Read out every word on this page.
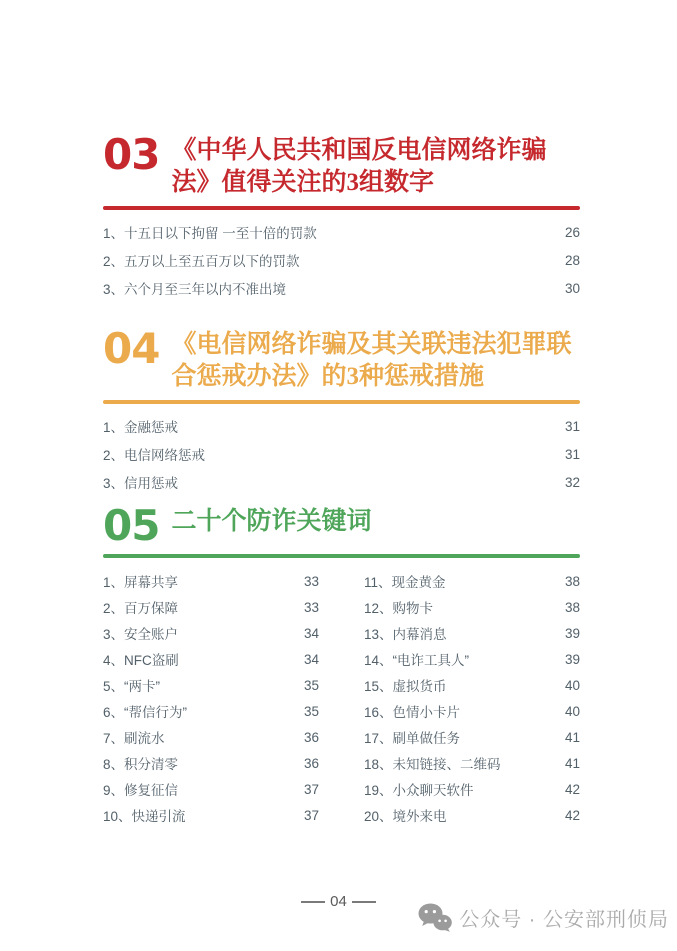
03 《中华人民共和国反电信网络诈骗法》值得关注的3组数字
1、十五日以下拘留 一至十倍的罚款	26
2、五万以上至五百万以下的罚款	28
3、六个月至三年以内不准出境	30
04 《电信网络诈骗及其关联违法犯罪联合惩戒办法》的3种惩戒措施
1、金融惩戒	31
2、电信网络惩戒	31
3、信用惩戒	32
05 二十个防诈关键词
1、屏幕共享	33
2、百万保障	33
3、安全账户	34
4、NFC盗刷	34
5、“两卡”	35
6、“帮信行为”	35
7、刷流水	36
8、积分清零	36
9、修复征信	37
10、快递引流	37
11、现金黄金	38
12、购物卡	38
13、内幕消息	39
14、“电诈工具人”	39
15、虚拟货币	40
16、色情小卡片	40
17、刷单做任务	41
18、未知链接、二维码	41
19、小众聊天软件	42
20、境外来电	42
04
公众号 · 公安部刑侦局
